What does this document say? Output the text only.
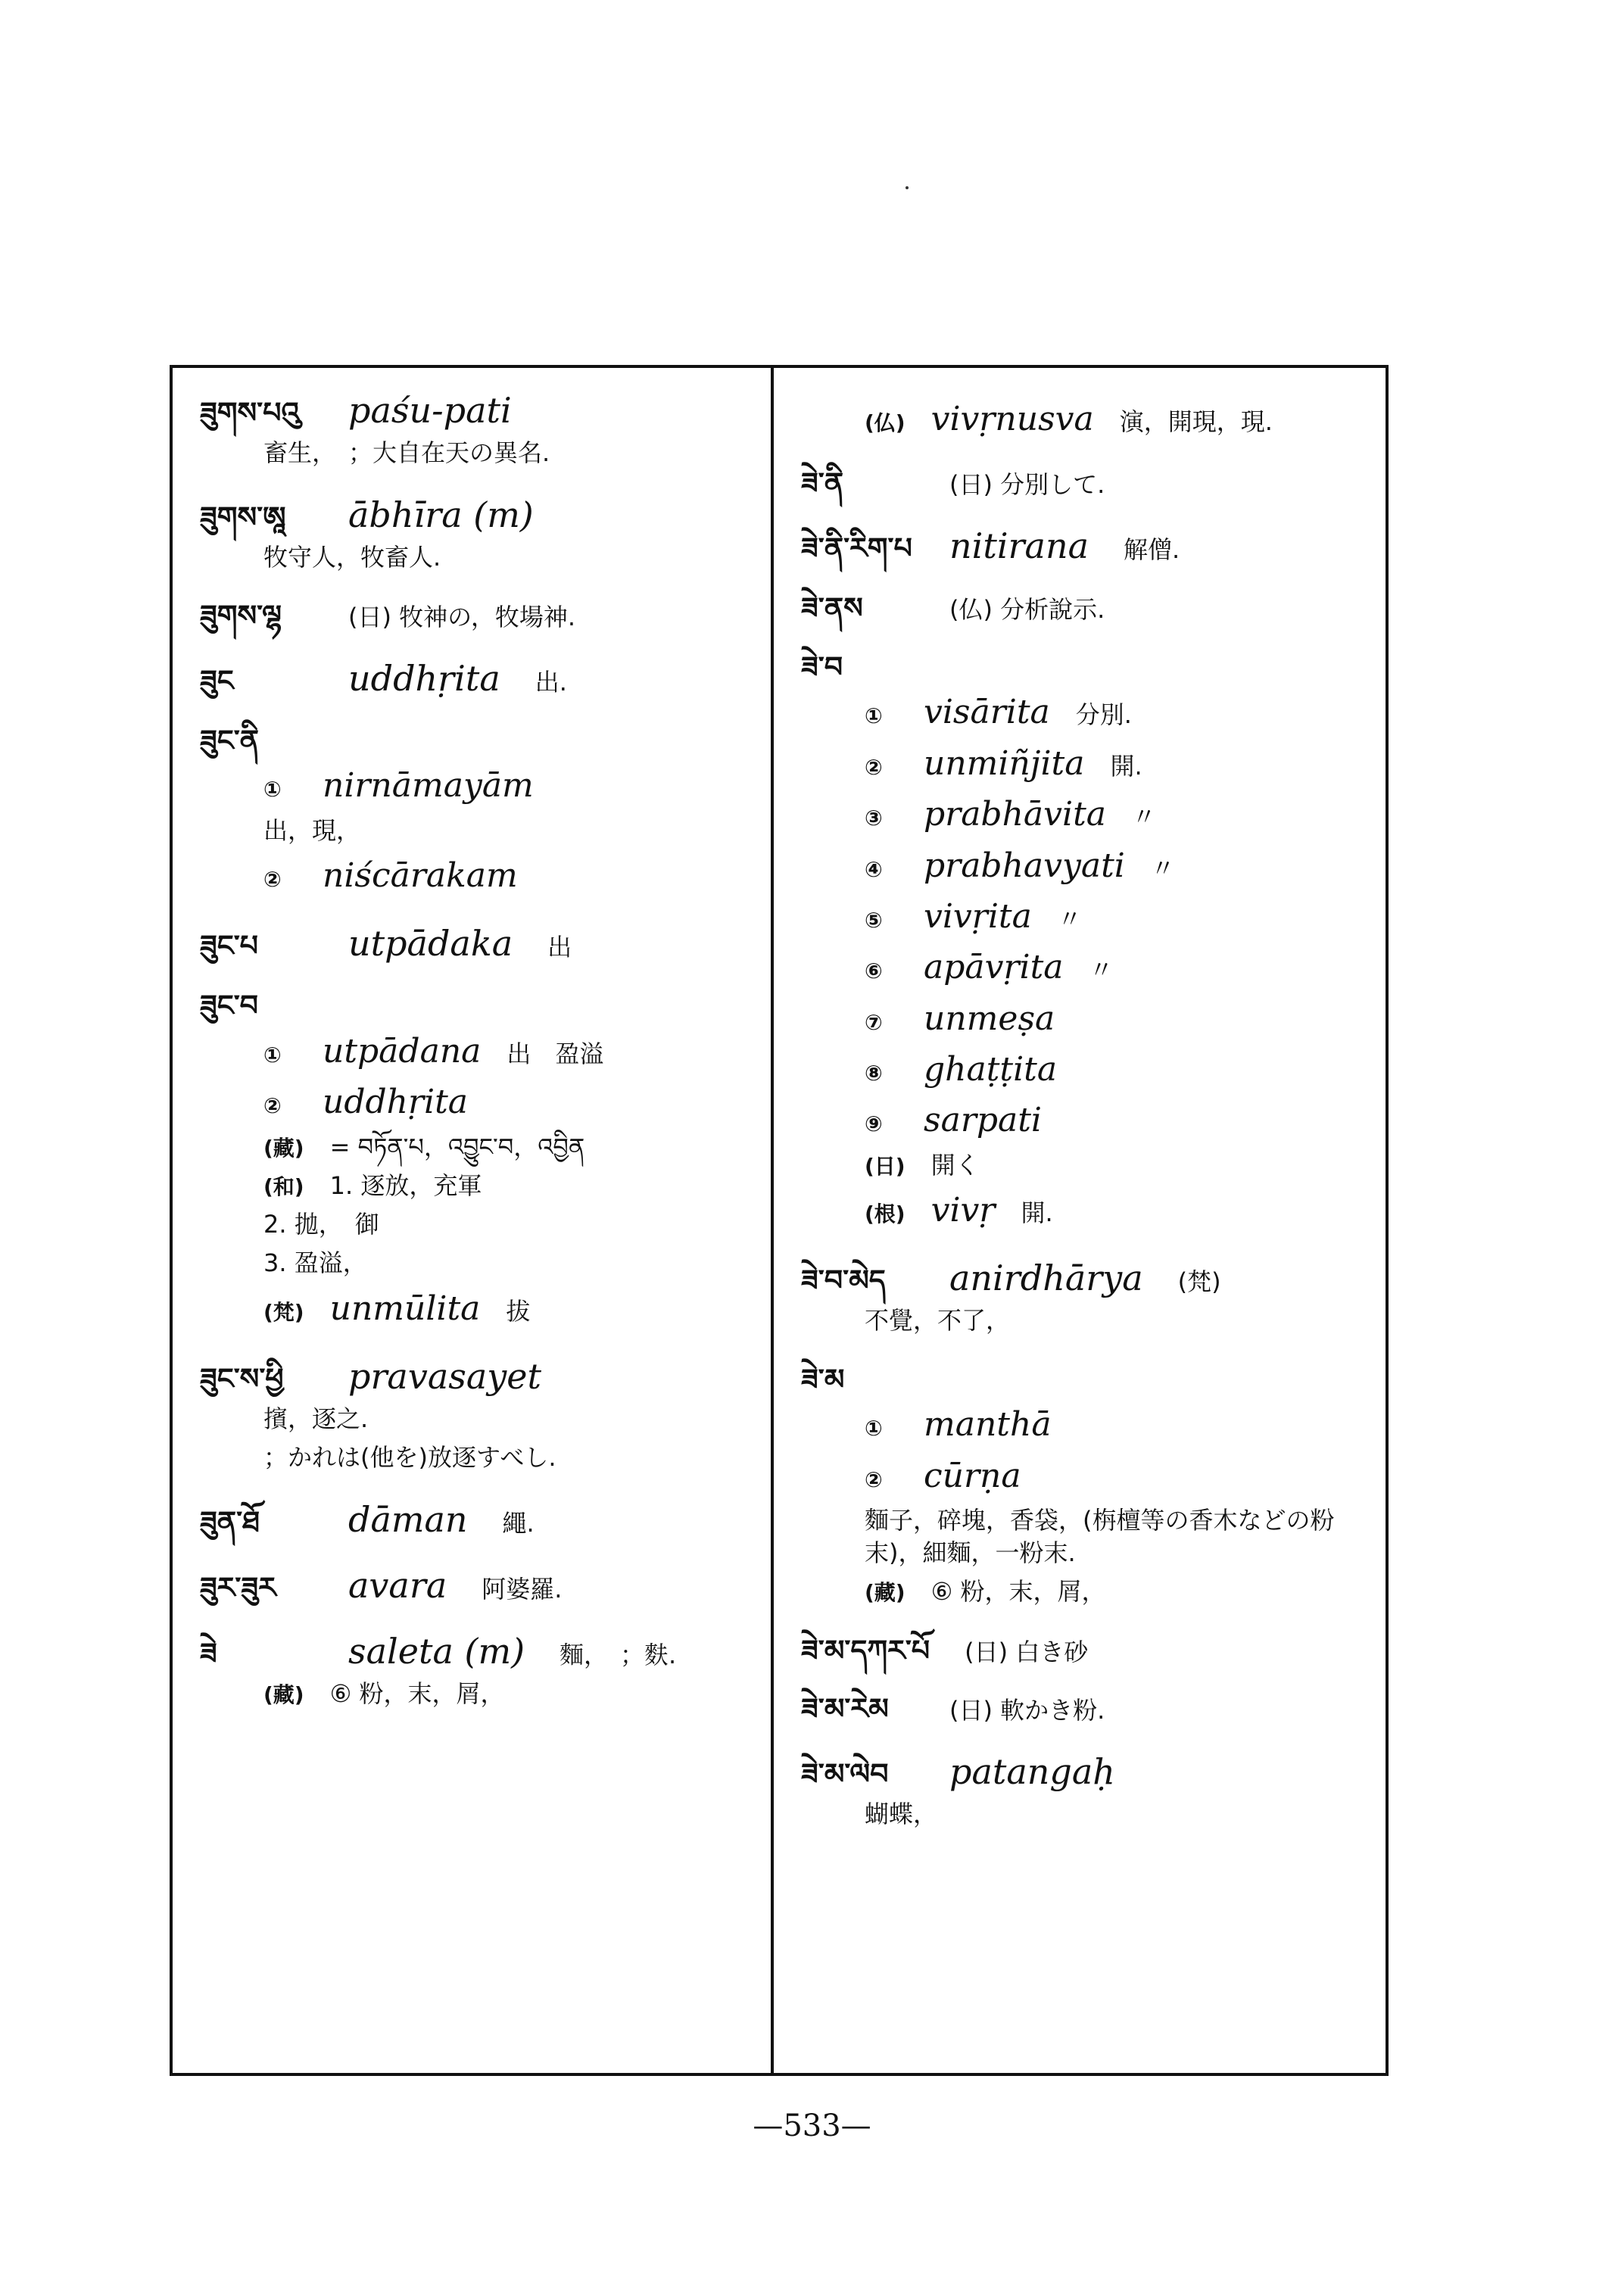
ཟུགས་པའུ	paśu-pati
畜生，　；大自在天の異名.
ཟུགས་ཨཱ	ābhīra (m)
牧守人，牧畜人.
ཟུགས་ལྷ	(日) 牧神の，牧場神.
ཟུང	uddhṛita 出.
ཟུང་ནི
①	nirnāmayām
出，現，
②	niścārakam
ཟུང་པ	utpādaka 出
ཟུང་བ
①	utpādana 出　盈溢
②	uddhṛita
(藏) = བཏོན་པ，འབྱུང་བ，འབྱིན
(和) 1. 逐放，充軍
2. 拋，　御
3. 盈溢，
(梵) unmūlita 拔
ཟུང་ས་ཕྱི	pravasayet
擯，逐之.
；かれは(他を)放逐すべし.
ཟུན་ཐོ	dāman 繩.
ཟུར་ཟུར	avara 阿婆羅.
ཟེ	saleta (m) 麵，　；麩.
(藏) ⑥ 粉，末，屑，
(仏) vivṛnusva 演，開現，現.
ཟེ་ནི	(日) 分別して.
ཟེ་ནི་རིག་པ nitirana 解僧.
ཟེ་ནས	(仏) 分析說示.
ཟེ་བ
①	visārita 分別.
②	unmiñjita 開.
③	prabhāvita 〃
④	prabhavyati 〃
⑤	vivṛita 〃
⑥	apāvṛita 〃
⑦	unmeṣa
⑧	ghaṭṭita
⑨	sarpati
(日) 開く
(根) vivṛ 開.
ཟེ་བ་མེད	anirdhārya (梵)
不覺，不了，
ཟེ་མ
①	manthā
②	cūrṇa
麵子，碎塊，香袋，(栴檀等の香木などの粉末)，細麵，一粉末.
(藏) ⑥ 粉，末，屑，
ཟེ་མ་དཀར་པོ (日) 白き砂
ཟེ་མ་རེམ	(日) 軟かき粉.
ཟེ་མ་ལེབ	patangaḥ
蝴蝶，
—533—
